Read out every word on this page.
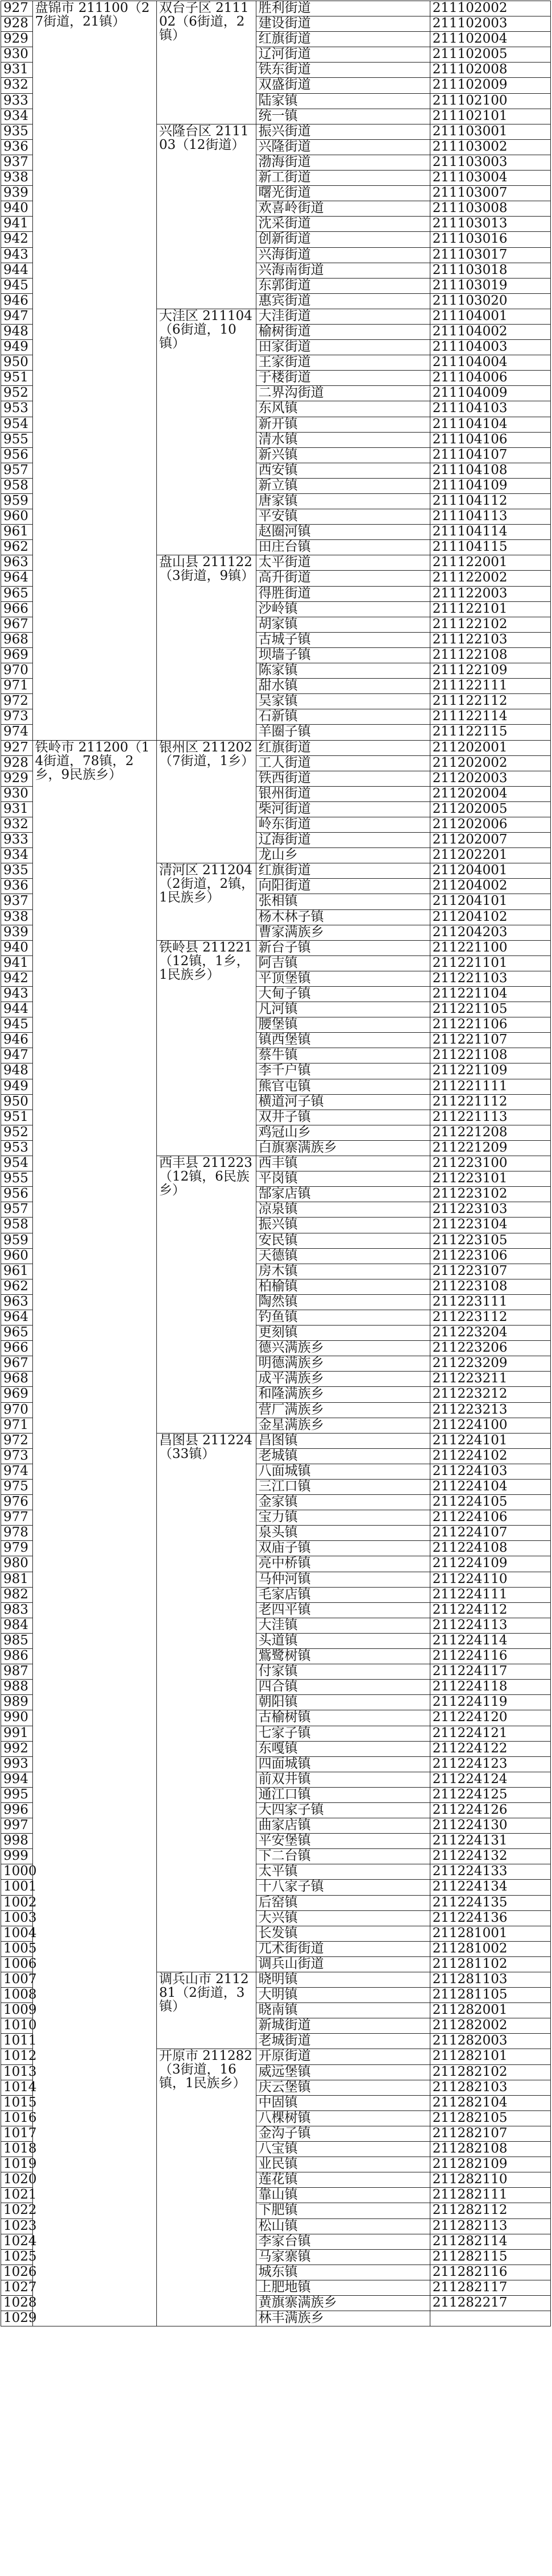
927	盘锦市 211100（27街道，21镇）	双台子区 211102（6街道，2镇）	胜利街道	211102002
928			建设街道	211102003
929			红旗街道	211102004
930			辽河街道	211102005
931			铁东街道	211102008
932			双盛街道	211102009
933			陆家镇	211102100
934			统一镇	211102101
935		兴隆台区 211103（12街道）	振兴街道	211103001
936			兴隆街道	211103002
937			渤海街道	211103003
938			新工街道	211103004
939			曙光街道	211103007
940			欢喜岭街道	211103008
941			沈采街道	211103013
942			创新街道	211103016
943			兴海街道	211103017
944			兴海南街道	211103018
945			东郭街道	211103019
946			惠宾街道	211103020
947		大洼区 211104（6街道，10镇）	大洼街道	211104001
948			榆树街道	211104002
949			田家街道	211104003
950			王家街道	211104004
951			于楼街道	211104006
952			二界沟街道	211104009
953			东风镇	211104103
954			新开镇	211104104
955			清水镇	211104106
956			新兴镇	211104107
957			西安镇	211104108
958			新立镇	211104109
959			唐家镇	211104112
960			平安镇	211104113
961			赵圈河镇	211104114
962			田庄台镇	211104115
963		盘山县 211122（3街道，9镇）	太平街道	211122001
964			高升街道	211122002
965			得胜街道	211122003
966			沙岭镇	211122101
967			胡家镇	211122102
968			古城子镇	211122103
969			坝墙子镇	211122108
970			陈家镇	211122109
971			甜水镇	211122111
972			吴家镇	211122112
973			石新镇	211122114
974			羊圈子镇	211122115
927	铁岭市 211200（14街道，78镇，2乡，9民族乡）	银州区 211202（7街道，1乡）	红旗街道	211202001
928			工人街道	211202002
929			铁西街道	211202003
930			银州街道	211202004
931			柴河街道	211202005
932			岭东街道	211202006
933			辽海街道	211202007
934			龙山乡	211202201
935		清河区 211204（2街道，2镇，1民族乡）	红旗街道	211204001
936			向阳街道	211204002
937			张相镇	211204101
938			杨木林子镇	211204102
939			曹家满族乡	211204203
940		铁岭县 211221（12镇，1乡，1民族乡）	新台子镇	211221100
941			阿吉镇	211221101
942			平顶堡镇	211221103
943			大甸子镇	211221104
944			凡河镇	211221105
945			腰堡镇	211221106
946			镇西堡镇	211221107
947			蔡牛镇	211221108
948			李千户镇	211221109
949			熊官屯镇	211221111
950			横道河子镇	211221112
951			双井子镇	211221113
952			鸡冠山乡	211221208
953			白旗寨满族乡	211221209
954		西丰县 211223（12镇，6民族乡）	西丰镇	211223100
955			平岗镇	211223101
956			郜家店镇	211223102
957			凉泉镇	211223103
958			振兴镇	211223104
959			安民镇	211223105
960			天德镇	211223106
961			房木镇	211223107
962			柏榆镇	211223108
963			陶然镇	211223111
964			钓鱼镇	211223112
965			更刻镇	211223204
966			德兴满族乡	211223206
967			明德满族乡	211223209
968			成平满族乡	211223211
969			和隆满族乡	211223212
970			营厂满族乡	211223213
971			金星满族乡	211224100
972		昌图县 211224（33镇）	昌图镇	211224101
973			老城镇	211224102
974			八面城镇	211224103
975			三江口镇	211224104
976			金家镇	211224105
977			宝力镇	211224106
978			泉头镇	211224107
979			双庙子镇	211224108
980			亮中桥镇	211224109
981			马仲河镇	211224110
982			毛家店镇	211224111
983			老四平镇	211224112
984			大洼镇	211224113
985			头道镇	211224114
986			鴜鹭树镇	211224116
987			付家镇	211224117
988			四合镇	211224118
989			朝阳镇	211224119
990			古榆树镇	211224120
991			七家子镇	211224121
992			东嘎镇	211224122
993			四面城镇	211224123
994			前双井镇	211224124
995			通江口镇	211224125
996			大四家子镇	211224126
997			曲家店镇	211224130
998			平安堡镇	211224131
999			下二台镇	211224132
1000			太平镇	211224133
1001			十八家子镇	211224134
1002			后窑镇	211224135
1003			大兴镇	211224136
1004			长发镇	211281001
1005			兀术街街道	211281002
1006			调兵山街道	211281102
1007		调兵山市 211281（2街道，3镇）	晓明镇	211281103
1008			大明镇	211281105
1009			晓南镇	211282001
1010			新城街道	211282002
1011			老城街道	211282003
1012		开原市 211282（3街道，16镇，1民族乡）	开原街道	211282101
1013			威远堡镇	211282102
1014			庆云堡镇	211282103
1015			中固镇	211282104
1016			八棵树镇	211282105
1017			金沟子镇	211282107
1018			八宝镇	211282108
1019			业民镇	211282109
1020			莲花镇	211282110
1021			靠山镇	211282111
1022			下肥镇	211282112
1023			松山镇	211282113
1024			李家台镇	211282114
1025			马家寨镇	211282115
1026			城东镇	211282116
1027			上肥地镇	211282117
1028			黄旗寨满族乡	211282217
1029			林丰满族乡	
